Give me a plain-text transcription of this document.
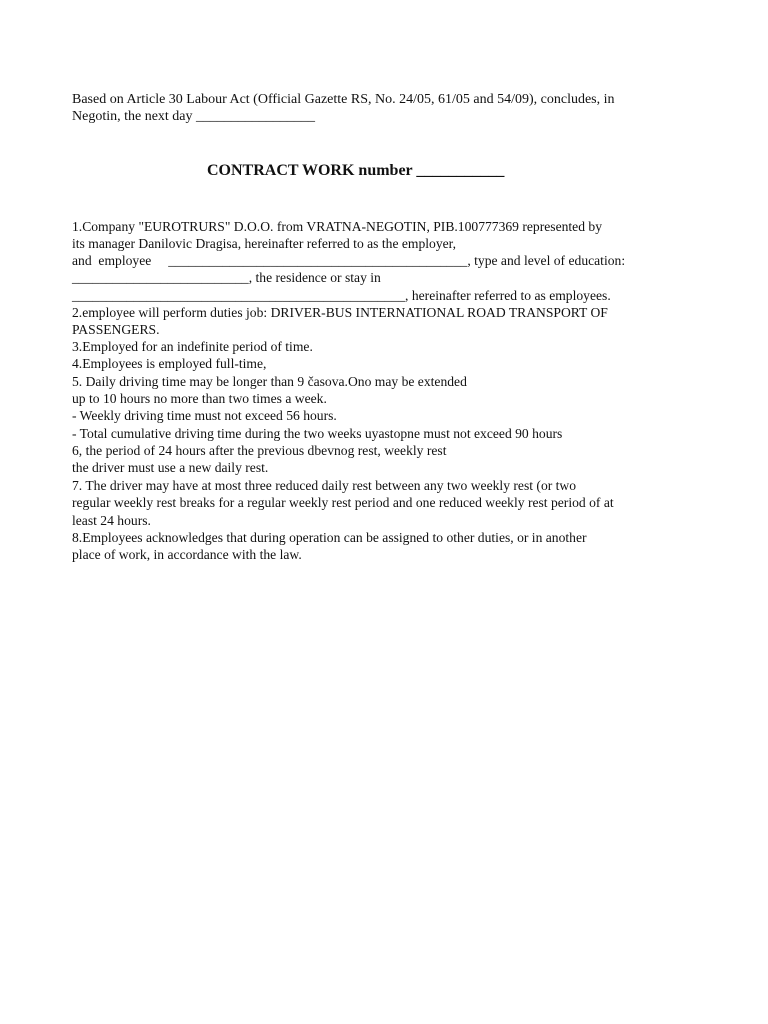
Based on Article 30 Labour Act (Official Gazette RS, No. 24/05, 61/05 and 54/09), concludes, in
Negotin, the next day _________________
CONTRACT WORK number ___________
1.Company "EUROTRURS" D.O.O. from VRATNA-NEGOTIN, PIB.100777369 represented by
its manager Danilovic Dragisa, hereinafter referred to as the employer,
and  employee     ____________________________________________, type and level of education:
__________________________, the residence or stay in
_________________________________________________, hereinafter referred to as employees.
2.employee will perform duties job: DRIVER-BUS INTERNATIONAL ROAD TRANSPORT OF
PASSENGERS.
3.Employed for an indefinite period of time.
4.Employees is employed full-time,
5. Daily driving time may be longer than 9 časova.Ono may be extended
up to 10 hours no more than two times a week.
- Weekly driving time must not exceed 56 hours.
- Total cumulative driving time during the two weeks uyastopne must not exceed 90 hours
6, the period of 24 hours after the previous dbevnog rest, weekly rest
the driver must use a new daily rest.
7. The driver may have at most three reduced daily rest between any two weekly rest (or two
regular weekly rest breaks for a regular weekly rest period and one reduced weekly rest period of at
least 24 hours.
8.Employees acknowledges that during operation can be assigned to other duties, or in another
place of work, in accordance with the law.
